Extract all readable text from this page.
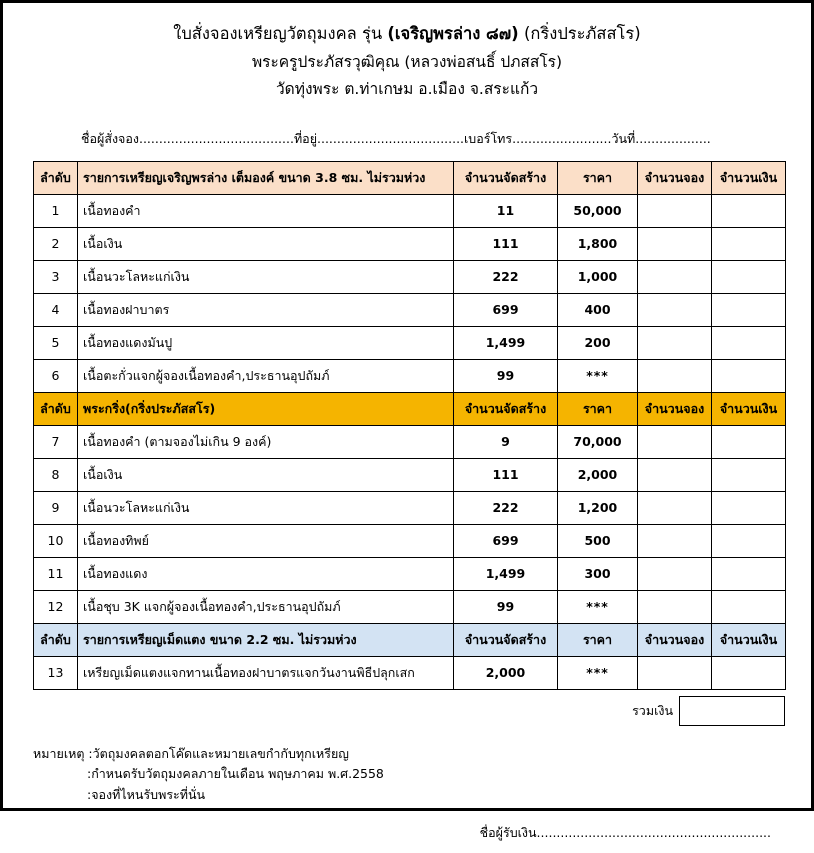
ใบสั่งจองเหรียญวัตถุมงคล รุ่น (เจริญพรล่าง ๘๗) (กริ่งประภัสสโร)
พระครูประภัสรวุฒิคุณ (หลวงพ่อสนธิ์ ปภสสโร)
วัดทุ่งพระ ต.ท่าเกษม อ.เมือง จ.สระแก้ว
ชื่อผู้สั่งจอง.......................................ที่อยู่.....................................เบอร์โทร.........................วันที่...................
ลำดับ	รายการเหรียญเจริญพรล่าง เต็มองค์ ขนาด 3.8 ซม. ไม่รวมห่วง	จำนวนจัดสร้าง	ราคา	จำนวนจอง	จำนวนเงิน
1	เนื้อทองคำ	11	50,000		
2	เนื้อเงิน	111	1,800		
3	เนื้อนวะโลหะแก่เงิน	222	1,000		
4	เนื้อทองฝาบาตร	699	400		
5	เนื้อทองแดงมันปู	1,499	200		
6	เนื้อตะกั่วแจกผู้จองเนื้อทองคำ,ประธานอุปถัมภ์	99	***		
ลำดับ	พระกริ่ง(กริ่งประภัสสโร)	จำนวนจัดสร้าง	ราคา	จำนวนจอง	จำนวนเงิน
7	เนื้อทองคำ (ตามจองไม่เกิน 9 องค์)	9	70,000		
8	เนื้อเงิน	111	2,000		
9	เนื้อนวะโลหะแก่เงิน	222	1,200		
10	เนื้อทองทิพย์	699	500		
11	เนื้อทองแดง	1,499	300		
12	เนื้อชุบ 3K แจกผู้จองเนื้อทองคำ,ประธานอุปถัมภ์	99	***		
ลำดับ	รายการเหรียญเม็ดแตง ขนาด 2.2 ซม. ไม่รวมห่วง	จำนวนจัดสร้าง	ราคา	จำนวนจอง	จำนวนเงิน
13	เหรียญเม็ดแตงแจกทานเนื้อทองฝาบาตรแจกวันงานพิธีปลุกเสก	2,000	***		
รวมเงิน
หมายเหตุ :วัตถุมงคลตอกโค๊ดและหมายเลขกำกับทุกเหรียญ
:กำหนดรับวัตถุมงคลภายในเดือน พฤษภาคม พ.ศ.2558
:จองที่ไหนรับพระที่นั่น
ชื่อผู้รับเงิน...........................................................
